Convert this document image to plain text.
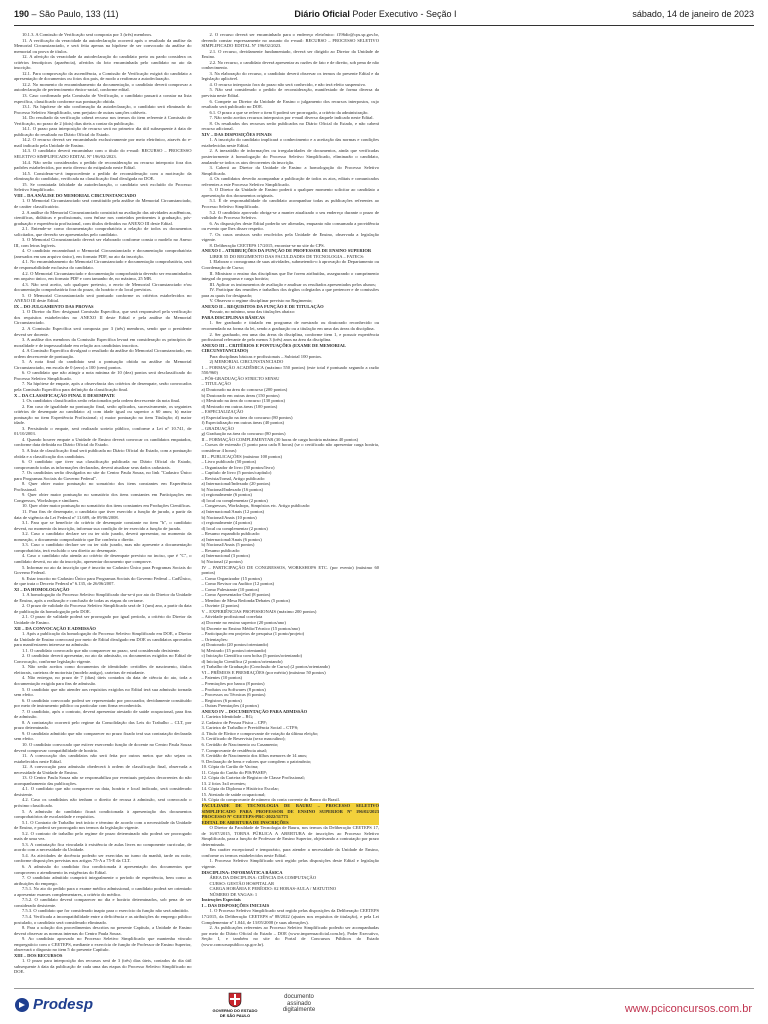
190 – São Paulo, 133 (11)	Diário Oficial Poder Executivo - Seção I	sábado, 14 de janeiro de 2023

10.1.3. A Comissão de Verificação será composta por 3 (três) membros.

11. A verificação da veracidade da autodeclaração ocorrerá após o resultado da análise da Memorial Circunstanciado, e será feita apenas na hipótese de ser convocado da análise do memorial ou prova de títulos.

12. A aferição da veracidade da autodeclaração do candidato preto ou pardo considera os critérios fenotípicos (aparência), aferidos da foto encaminhada pelo candidato no ato da inscrição.

12.1. Para comprovação da ascendência, a Comissão de Verificação exigirá do candidato a apresentação de documentos ou fotos dos pais, de modo a reafirmar a autodeclaração.

12.2. No momento do encaminhamento da documentação, o candidato deverá comprovar a autodeclaração de pertencimento étnico-racial, conforme edital.

13. Caso confirmado pela Comissão de Verificação, o candidato passará a constar na lista específica, classificado conforme sua pontuação obtida.

13.1. Na hipótese de não confirmação da autodeclaração, o candidato será eliminado do Processo Seletivo Simplificado, sem prejuízo de outras sanções cabíveis.

14. Do resultado da verificação caberá recurso nos termos do item referente à Comissão de Verificação, no prazo de 2 (dois) dias úteis a contar da publicação.

14.1. O prazo para interposição de recurso será no primeiro dia útil subsequente à data de publicação do resultado no Diário Oficial do Estado.

14.2. O recurso deverá ser encaminhado exclusivamente por meio eletrônico, através do e-mail indicado pela Unidade de Ensino.

14.3. O candidato deverá encaminhar com o título do e-mail: RECURSO – PROCESSO SELETIVO SIMPLIFICADO EDITAL Nº 196/02/2023.

14.4. Não serão considerados o pedido de reconsideração ou recurso interposto fora dos padrões estabelecidos, por meio diverso do estipulado neste Edital.

14.5. Considerar-se-á improcedente o pedido de reconsideração com a motivação da eliminação do candidato, verificada na classificação final divulgada no DOE.

15. Se constatada falsidade da autodeclaração, o candidato será excluído do Processo Seletivo Simplificado.

VIII – DA ANÁLISE DO MEMORIAL CIRCUNSTANCIADO

1. O Memorial Circunstanciado será constituído pela análise do Memorial Circunstanciado, de caráter classificatório.

2. A análise do Memorial Circunstanciado consistirá na avaliação das atividades acadêmicas, científicas, didáticas e profissionais, com ênfase nos conteúdos pertinentes à graduação, pós-graduação e experiência profissional, com títulos definidos no ANEXO III deste Edital.

2.1. Entende-se como documentação comprobatória a relação de todos os documentos solicitados, que deverão ser apresentados pelo candidato.

3. O Memorial Circunstanciado deverá ser elaborado conforme consta o modelo no Anexo III, com letras legíveis.

4. O candidato encaminhará o Memorial Circunstanciado e documentação comprobatória (anexados em um arquivo único), em formato PDF, no ato da inscrição.

4.1. No encaminhamento do Memorial Circunstanciado e documentação comprobatória, será de responsabilidade exclusiva do candidato.

4.2. O Memorial Circunstanciado e documentação comprobatória deverão ser encaminhados em arquivo único, em formato PDF e com tamanho de, no máximo, 25 MB.

4.3. Não será aceito, sob qualquer pretexto, o envio de Memorial Circunstanciado e/ou documentação comprobatória fora do prazo, do horário e do local previstos.

5. O Memorial Circunstanciado será pontuado conforme os critérios estabelecidos no ANEXO III deste Edital.

IX – DO JULGAMENTO DAS PROVAS

1. O Diretor da Etec designará Comissão Específica, que será responsável pela verificação dos requisitos estabelecidos no ANEXO II deste Edital e pela análise do Memorial Circunstanciado.

2. A Comissão Específica será composta por 3 (três) membros, sendo que o presidente deverá ser docente.

3. A análise dos membros da Comissão Específica levará em consideração os princípios de moralidade e de impessoalidade em relação aos candidatos inscritos.

4. A Comissão Específica divulgará o resultado da análise do Memorial Circunstanciado, em ordem decrescente de pontuação.

5. A nota final do candidato será a pontuação obtida na análise do Memorial Circunstanciado, em escala de 0 (zero) a 100 (cem) pontos.

6. O candidato que não atingir a nota mínima de 10 (dez) pontos será desclassificado do Processo Seletivo Simplificado.

7. Na hipótese de empate, após a observância dos critérios de desempate, serão convocados pela Comissão Específica para definição da classificação final.

X – DA CLASSIFICAÇÃO FINAL E DESEMPATE

1. Os candidatos classificados serão relacionados pela ordem decrescente da nota final.

2. Em caso de igualdade na pontuação final, serão aplicados, sucessivamente, os seguintes critérios de desempate ao candidato: a) com idade igual ou superior a 60 anos; b) maior pontuação no item Experiência Profissional; c) maior pontuação no item Titulação; d) maior idade.

3. Persistindo o empate, será realizado sorteio público, conforme a Lei nº 10.741, de 01/10/2003.

4. Quando houver empate a Unidade de Ensino deverá convocar os candidatos empatados, conforme data definida no Diário Oficial do Estado.

5. A lista de classificação final será publicada no Diário Oficial do Estado, com a pontuação obtida e a classificação dos candidatos.

6. O candidato que tiver sua classificação publicada no Diário Oficial do Estado, comprovando todas as informações declaradas, deverá atualizar seus dados cadastrais.

7. Os candidatos serão divulgados no site do Centro Paula Souza, no link "Cadastro Único para Programas Sociais do Governo Federal".

8. Quer obter maior pontuação no somatório dos itens constantes em Experiência Profissional.

9. Quer obter maior pontuação no somatório dos itens constantes em Participações em Congressos, Workshops e similares.

10. Quer obter maior pontuação no somatório dos itens constantes em Produções Científicas.

11. Para fins de desempate, o candidato que tiver exercido a função de jurado, a partir da data de vigência da Lei Federal nº 11.689, de 09/06/2008.

3.1. Para que se beneficie do critério de desempate constante no item "b", o candidato deverá, no momento da inscrição, informar sua condição de ter exercido a função de jurado.

3.2. Caso o candidato declare ser ou ter sido jurado, deverá apresentar, no momento da nomeação, o documento comprobatório que lhe conferiu o direito.

3.3. Caso o candidato declare ser ou ter sido jurado, mas não apresente a documentação comprobatória, terá excluído o seu direito ao desempate.

4. Caso o candidato não atenda ao critério de desempate previsto no inciso, que é "C", o candidato deverá, no ato da inscrição, apresentar documento que comprove.

5. Informar no ato da inscrição que é inscrito no Cadastro Único para Programas Sociais do Governo Federal.

6. Estar inscrito no Cadastro Único para Programas Sociais do Governo Federal – CadÚnico, de que trata o Decreto Federal nº 6.135, de 26/06/2007.

XI – DA HOMOLOGAÇÃO

1. A homologação do Processo Seletivo Simplificado dar-se-á por ato do Diretor da Unidade de Ensino, após a realização e conclusão de todas as etapas do certame.

2. O prazo de validade do Processo Seletivo Simplificado será de 1 (um) ano, a partir da data de publicação da homologação pelo DOE.

2.1. O prazo de validade poderá ser prorrogado por igual período, a critério do Diretor da Unidade de Ensino.

XII – DA CONVOCAÇÃO E ADMISSÃO

1. Após a publicação da homologação do Processo Seletivo Simplificado em DOE, o Diretor da Unidade de Ensino convocará por meio de Edital divulgado em DOE os candidatos aprovados para manifestarem interesse na admissão.

1.1. O candidato convocado que não comparecer no prazo, será considerado desistente.

2. O candidato deverá apresentar, no ato da admissão, os documentos exigidos no Edital de Convocação, conforme legislação vigente.

3. Não serão aceitos como documentos de identidade: certidões de nascimento, títulos eleitorais, carteiras de motorista (modelo antigo), carteiras de estudante.

4. Não entregar, no prazo de 7 (dias) úteis contados da data de ciência do ato, toda a documentação exigida para fins de admissão.

5. O candidato que não atender aos requisitos exigidos no Edital terá sua admissão tornada sem efeito.

6. O candidato convocado poderá ser representado por procurador, devidamente constituído por meio de instrumento público ou particular com firma reconhecida.

7. O candidato, após o contrato, deverá apresentar atestado de saúde ocupacional, para fins de admissão.

8. A contratação ocorrerá pelo regime da Consolidação das Leis do Trabalho – CLT, por prazo determinado.

9. O candidato admitido que não comparecer no prazo fixado terá sua contratação declarada sem efeito.

10. O candidato convocado que estiver exercendo função de docente no Centro Paula Souza deverá comprovar compatibilidade de horário.

11. A convocação dos candidatos não será feita por outros meios que não sejam os estabelecidos neste Edital.

12. A convocação para admissão obedecerá à ordem de classificação final, observada a necessidade da Unidade de Ensino.

13. O Centro Paula Souza não se responsabiliza por eventuais prejuízos decorrentes do não acompanhamento das publicações.

4.1. O candidato que não comparecer na data, horário e local indicado, será considerado desistente.

4.2. Caso os candidatos não tenham o direito de recusa à admissão, será convocado o próximo classificado.

5. A admissão do candidato ficará condicionada à apresentação dos documentos comprobatórios de escolaridade e requisitos.

5.1. O Contrato de Trabalho terá início e término de acordo com a necessidade da Unidade de Ensino, e poderá ser prorrogado nos termos da legislação vigente.

5.2. O contrato de trabalho pelo regime de prazo determinado não poderá ser prorrogado mais de uma vez.

5.3. A contratação fica vinculada à existência de aulas livres no componente curricular, de acordo com a necessidade da Unidade.

5.4. As atividades de docência poderão ser exercidas no turno da manhã, tarde ou noite, conforme disposições previstas nos artigos 75-A a 75-E da CLT.

6. A admissão do candidato fica condicionada à apresentação dos documentos que comprovem o atendimento às exigências do Edital.

7. O candidato admitido cumprirá integralmente o período de experiência, bem como as atribuições do emprego.

7.5.1. No ato do pedido para o exame médico admissional, o candidato poderá ser orientado a apresentar exames complementares, a critério do médico.

7.5.2. O candidato deverá comparecer no dia e horário determinados, sob pena de ser considerado desistente.

7.5.3. O candidato que for considerado inapto para o exercício da função não será admitido.

7.5.4. Verificada a incompatibilidade entre a deficiência e as atribuições do emprego público postulado, o candidato será considerado eliminado.

8. Para a solução dos procedimentos descritos no presente Capítulo, a Unidade de Ensino deverá observar as normas internas do Centro Paula Souza.

9. Ao candidato aprovado no Processo Seletivo Simplificado que mantenha vínculo empregatício com o CEETEPS, mediante o exercício de função de Professor de Ensino Superior, observará o disposto no item 5 do presente Capítulo.

XIII – DOS RECURSOS

1. O prazo para interposição dos recursos será de 3 (três) dias úteis, contados do dia útil subsequente à data da publicação de cada uma das etapas do Processo Seletivo Simplificado no DOE.

2. O recurso deverá ser encaminhado para o endereço eletrônico: f196dir@cps.sp.gov.br, devendo constar expressamente no assunto do e-mail: RECURSO – PROCESSO SELETIVO SIMPLIFICADO EDITAL Nº 196/02/2023.

2.1. O recurso, devidamente fundamentado, deverá ser dirigido ao Diretor da Unidade de Ensino.

2.2. No recurso, o candidato deverá apresentar as razões de fato e de direito, sob pena de não conhecimento.

3. Na elaboração do recurso, o candidato deverá observar os termos do presente Edital e da legislação aplicável.

4. O recurso interposto fora do prazo não será conhecido, e não terá efeito suspensivo.

5. Não será considerado o pedido de reconsideração, manifestado de forma diversa da prevista neste Edital.

6. Compete ao Diretor da Unidade de Ensino o julgamento dos recursos interpostos, cujo resultado será publicado no DOE.

6.1. O prazo a que se refere o item 6 poderá ser prorrogado, a critério da administração.

7. Não serão aceitos recursos interpostos por e-mail diverso daquele indicado neste Edital.

8. Os resultados dos recursos serão publicados no Diário Oficial do Estado, e não caberá recurso adicional.

XIV – DAS DISPOSIÇÕES FINAIS

1. A inscrição do candidato implicará o conhecimento e a aceitação das normas e condições estabelecidas neste Edital.

2. A inexatidão de informações ou irregularidades de documentos, ainda que verificadas posteriormente à homologação do Processo Seletivo Simplificado, eliminarão o candidato, anulando-se todos os atos decorrentes da inscrição.

3. Caberá ao Diretor da Unidade de Ensino a homologação do Processo Seletivo Simplificado.

4. Os candidatos deverão acompanhar a publicação de todos os atos, editais e comunicados referentes a este Processo Seletivo Simplificado.

5. O Diretor da Unidade de Ensino poderá a qualquer momento solicitar ao candidato a apresentação dos documentos originais.

5.1. É de responsabilidade do candidato acompanhar todas as publicações referentes ao Processo Seletivo Simplificado.

5.2. O candidato aprovado obriga-se a manter atualizado o seu endereço durante o prazo de validade do Processo Seletivo.

6. As disposições deste Edital poderão ser alteradas, enquanto não consumada a providência ou evento que lhes disser respeito.

7. Os casos omissos serão resolvidos pela Unidade de Ensino, observada a legislação vigente.

8. Deliberação CEETEPS 17/2015, encontra-se no site do CPS.

ANEXO I – ATRIBUIÇÕES DA FUNÇÃO DE PROFESSOR DE ENSINO SUPERIOR

LIBER 55 DO REGIMENTO DAS FACULDADES DE TECNOLOGIA – FATECS:

I. Elaborar o cronograma de suas atividades, submetendo-o à aprovação do Departamento ou Coordenação de Curso;

II. Ministrar o ensino das disciplinas que lhe forem atribuídas, assegurando o cumprimento integral do programa e carga horária;

III. Aplicar os instrumentos de avaliação e analisar os resultados apresentados pelos alunos;

IV. Participar das reuniões e trabalhos dos órgãos colegiados a que pertencer e de comissões para as quais for designado;

V. Observar o regime disciplinar previsto no Regimento;

ANEXO II – REQUISITOS DA FUNÇÃO E DE TITULAÇÃO

Possuir, no mínimo, uma das titulações abaixo:

PARA DISCIPLINAS BÁSICAS

1. Ser graduado e titulado em programa de mestrado ou doutorado reconhecido ou recomendado na forma da lei, sendo a graduação ou a titulação em uma das áreas da disciplina.

2. Ser graduado, em uma das áreas da disciplina, conforme item 1, e possuir experiência profissional relevante de pelo menos 3 (três) anos na área da disciplina.

ANEXO III – CRITÉRIOS E PONTUAÇÕES (EXAME DE MEMORIAL CIRCUNSTANCIADO)

Para disciplinas básicas e profissionais – Subtotal 100 pontos.

2) MEMORIAL CIRCUNSTANCIADO

1 – FORMAÇÃO ACADÊMICA (máximo 550 pontos) (este total é pontuado segundo a razão 550/960)

– PÓS-GRADUAÇÃO STRICTO SENSU

– TITULAÇÃO

a) Doutorado na área do concurso (200 pontos)

b) Doutorado em outras áreas (150 pontos)

c) Mestrado na área do concurso (130 pontos)

d) Mestrado em outras áreas (100 pontos)

– ESPECIALIZAÇÃO

e) Especialização na área do concurso (80 pontos)

f) Especialização em outras áreas (40 pontos)

– GRADUAÇÃO

g) Graduação na área do concurso (80 pontos)

II – FORMAÇÃO COMPLEMENTAR (30 horas de carga horária máxima 40 pontos)

– Cursos de extensão (1 ponto para cada 8 horas) (se o certificado não apresentar carga horária, considerar 4 horas)

III – PUBLICAÇÕES (máximo 100 pontos)

– Livro publicado (50 pontos)

– Organizador de livro (30 pontos/livro)

– Capítulo de livro (5 pontos/capítulo)

– Revista/Jornal, Artigo publicado:

a) Internacional/Indexado (20 pontos)

b) Nacional/Indexado (16 pontos)

c) regionalmente (6 pontos)

d) local ou complementar (2 pontos)

– Congressos, Workshops, Simpósios etc. Artigo publicado:

a) Internacional/Anais (12 pontos)

b) Nacional/Anais (10 pontos)

c) regionalmente (4 pontos)

d) local ou complementar (2 pontos)

– Resumo expandido publicado:

a) Internacional/Anais (6 pontos)

b) Nacional/Anais (5 pontos)

– Resumo publicado:

a) Internacional (3 pontos)

b) Nacional (2 pontos)

IV – PARTICIPAÇÃO DE CONGRESSOS, WORKSHOPS ETC. (por evento) (máximo 60 pontos)

– Como Organizador (15 pontos)

– Como Revisor ou Auditor (12 pontos)

– Como Palestrante (10 pontos)

– Como Apresentador Oral (8 pontos)

– Membro de Mesa Redonda/Debates (5 pontos)

– Ouvinte (2 pontos)

V – EXPERIÊNCIAS PROFISSIONAIS (máximo 200 pontos)

– Atividade profissional correlata

a) Docente no ensino superior (20 pontos/ano)

b) Docente no Ensino Médio/Técnico (15 pontos/ano)

– Participação em projetos de pesquisa (1 ponto/projeto)

– Orientações:

a) Doutorado (20 pontos/orientando)

b) Mestrado (15 pontos/orientando)

c) Iniciação Científica com bolsa (5 pontos/orientando)

d) Iniciação Científica (2 pontos/orientando)

e) Trabalho de Graduação (Conclusão de Curso) (2 pontos/orientando)

VI – PRÊMIOS E PREMIAÇÕES (por mérito) (máximo 50 pontos)

– Patentes (10 pontos)

– Premiações por banca (8 pontos)

– Produtos ou Softwares (8 pontos)

– Processos ou Técnicas (6 pontos)

– Registros (6 pontos)

– Outras Premiações (4 pontos)

ANEXO IV – DOCUMENTAÇÃO PARA ADMISSÃO

1. Carteira Identidade – RG;

2. Cadastro de Pessoa Física – CPF;

3. Carteira de Trabalho e Previdência Social – CTPS;

4. Título de Eleitor e comprovante de votação da última eleição;

5. Certificado de Reservista (sexo masculino);

6. Certidão de Nascimento ou Casamento;

7. Comprovante de residência atual;

8. Certidão de Nascimento dos filhos menores de 14 anos;

9. Declaração de bens e valores que compõem o patrimônio;

10. Cópia do Cartão de Vacina;

11. Cópia do Cartão do PIS/PASEP;

12. Cópia da Carteira de Registro de Classe Profissional;

13. 2 fotos 3x4 recentes;

14. Cópia do Diploma e Histórico Escolar;

15. Atestado de saúde ocupacional;

16. Cópia do comprovante de número da conta corrente do Banco do Brasil.

FACULDADE DE TECNOLOGIA DE BAURU – PROCESSO SELETIVO SIMPLIFICADO PARA PROFESSOR DE ENSINO SUPERIOR Nº 196/02/2023 PROCESSO Nº CEETEPS-PRC-2022/31773

EDITAL DE ABERTURA DE INSCRIÇÕES

O Diretor da Faculdade de Tecnologia de Bauru, nos termos da Deliberação CEETEPS 17, de 16/07/2015, TORNA PÚBLICA A ABERTURA de inscrições ao Processo Seletivo Simplificado, para a função de Professor de Ensino Superior, objetivando a contratação por prazo determinado.

Em caráter excepcional e temporário, para atender a necessidade da Unidade de Ensino, conforme os termos estabelecidos neste Edital.

1. Processo Seletivo Simplificado será regido pelas disposições deste Edital e legislação vigente.

DISCIPLINA: INFORMÁTICA BÁSICA

ÁREA DA DISCIPLINA: CIÊNCIA DA COMPUTAÇÃO

CURSO: GESTÃO HOSPITALAR

CARGA HORÁRIA E PERÍODO: 02 HORAS-AULA / MATUTINO

NÚMERO DE VAGAS: 1

Instruções Especiais

I – DAS DISPOSIÇÕES INICIAIS

1. O Processo Seletivo Simplificado será regido pelas disposições da Deliberação CEETEPS 17/2015, da Deliberação CEETEPS nº 88/2022 (ajustes nos requisitos de titulação), e pela Lei Complementar nº 1.044, de 13/05/2008 (e suas alterações).

2. As publicações referentes ao Processo Seletivo Simplificado poderão ser acompanhadas por meio do Diário Oficial do Estado – DOE (www.imprensaoficial.com.br), Poder Executivo, Seção I, e também no site do Portal de Concursos Públicos do Estado (www.concursopublico.sp.gov.br).

Prodesp	GOVERNO DO ESTADO
DE SÃO PAULO
documento
assinado
digitalmente	www.pciconcursos.com.br
